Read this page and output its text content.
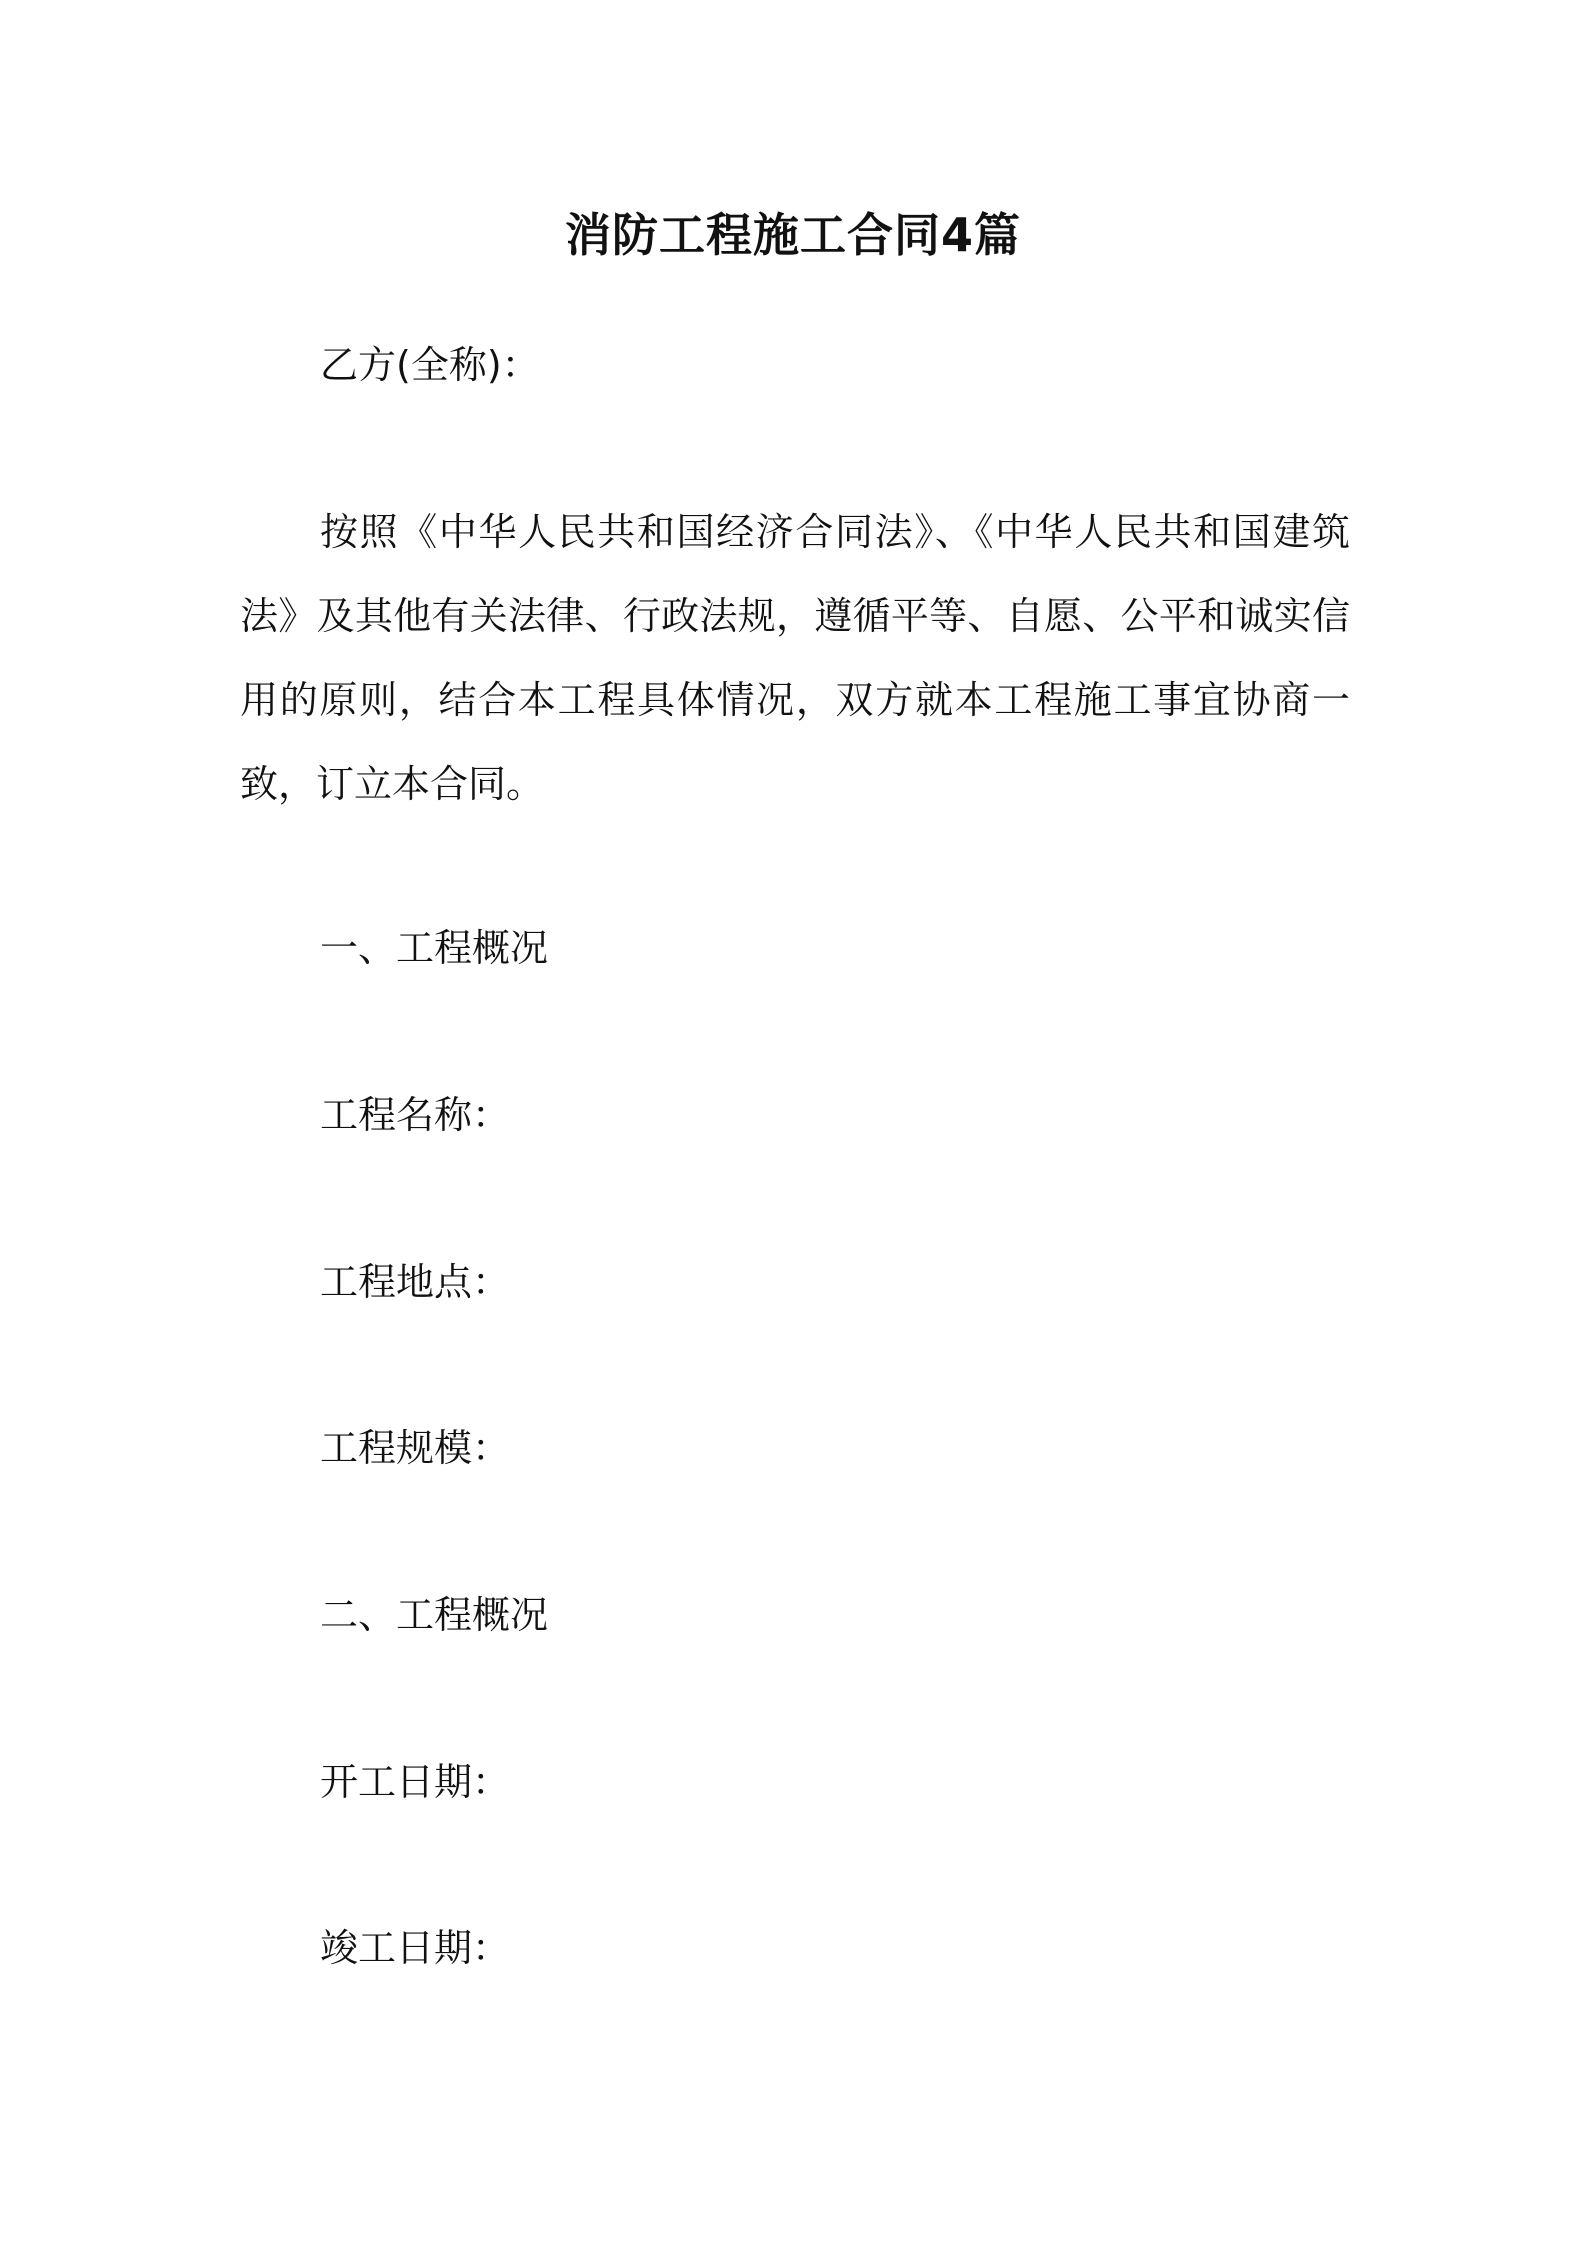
消防工程施工合同4篇

乙方(全称)：

按照《中华人民共和国经济合同法》、《中华人民共和国建筑法》及其他有关法律、行政法规，遵循平等、自愿、公平和诚实信用的原则，结合本工程具体情况，双方就本工程施工事宜协商一致，订立本合同。

一、工程概况

工程名称：

工程地点：

工程规模：

二、工程概况

开工日期：

竣工日期：
